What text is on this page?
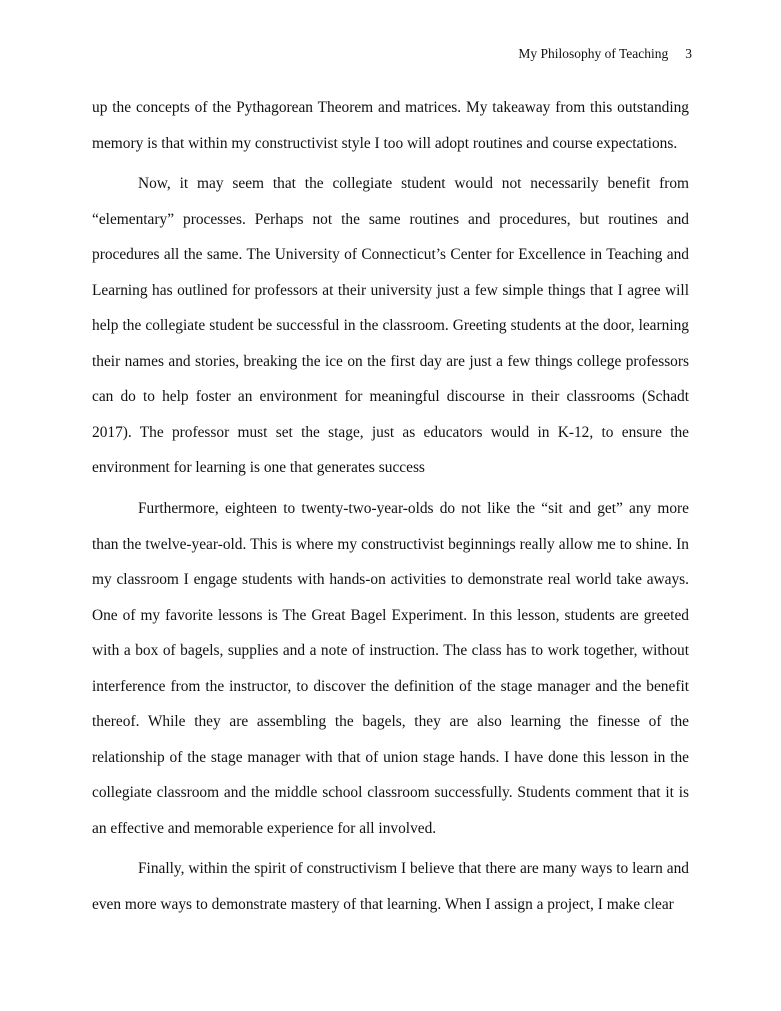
My Philosophy of Teaching 3

up the concepts of the Pythagorean Theorem and matrices. My takeaway from this outstanding memory is that within my constructivist style I too will adopt routines and course expectations.

Now, it may seem that the collegiate student would not necessarily benefit from “elementary” processes. Perhaps not the same routines and procedures, but routines and procedures all the same. The University of Connecticut’s Center for Excellence in Teaching and Learning has outlined for professors at their university just a few simple things that I agree will help the collegiate student be successful in the classroom. Greeting students at the door, learning their names and stories, breaking the ice on the first day are just a few things college professors can do to help foster an environment for meaningful discourse in their classrooms (Schadt 2017). The professor must set the stage, just as educators would in K-12, to ensure the environment for learning is one that generates success

Furthermore, eighteen to twenty-two-year-olds do not like the “sit and get” any more than the twelve-year-old. This is where my constructivist beginnings really allow me to shine. In my classroom I engage students with hands-on activities to demonstrate real world take aways. One of my favorite lessons is The Great Bagel Experiment. In this lesson, students are greeted with a box of bagels, supplies and a note of instruction. The class has to work together, without interference from the instructor, to discover the definition of the stage manager and the benefit thereof. While they are assembling the bagels, they are also learning the finesse of the relationship of the stage manager with that of union stage hands. I have done this lesson in the collegiate classroom and the middle school classroom successfully. Students comment that it is an effective and memorable experience for all involved.

Finally, within the spirit of constructivism I believe that there are many ways to learn and even more ways to demonstrate mastery of that learning. When I assign a project, I make clear
